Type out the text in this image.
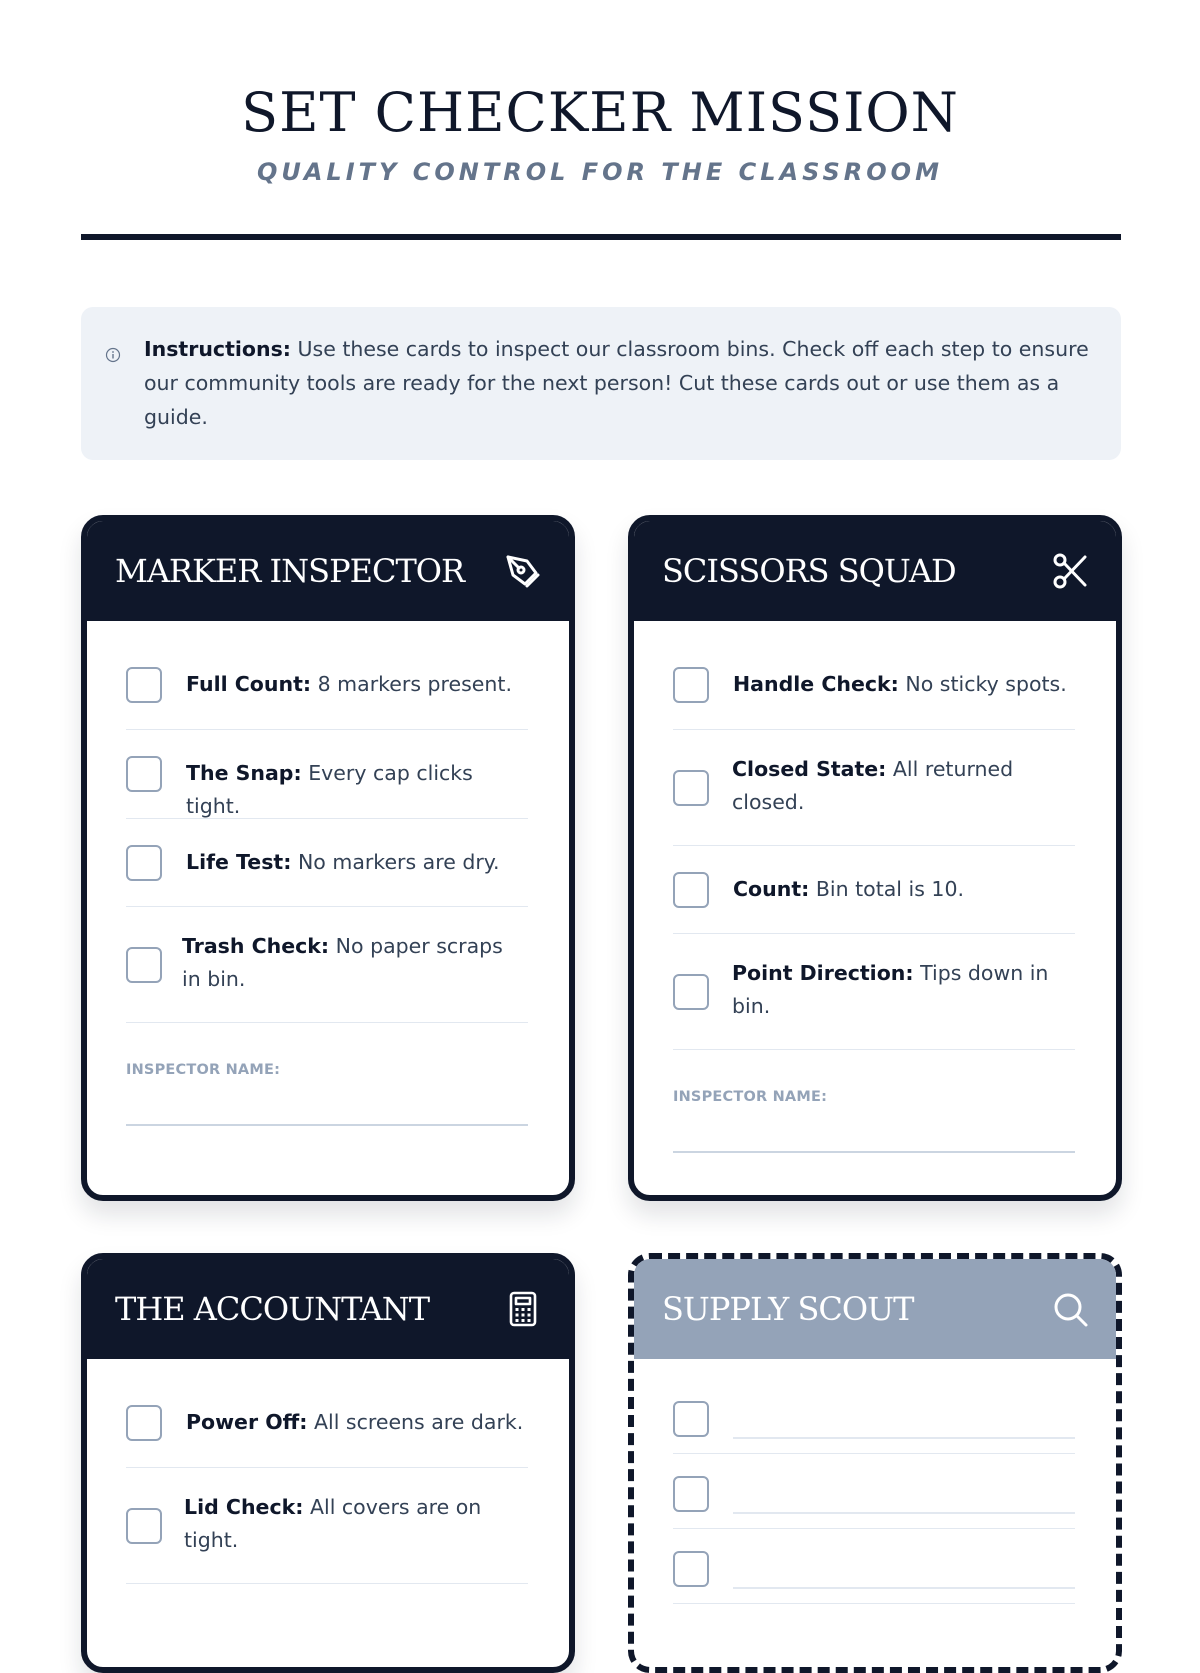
SET CHECKER MISSION
QUALITY CONTROL FOR THE CLASSROOM
Instructions: Use these cards to inspect our classroom bins. Check off each step to ensure our community tools are ready for the next person! Cut these cards out or use them as a guide.
MARKER INSPECTOR
Full Count: 8 markers present.
The Snap: Every cap clicks tight.
Life Test: No markers are dry.
Trash Check: No paper scraps in bin.
INSPECTOR NAME:
SCISSORS SQUAD
Handle Check: No sticky spots.
Closed State: All returned closed.
Count: Bin total is 10.
Point Direction: Tips down in bin.
INSPECTOR NAME:
THE ACCOUNTANT
Power Off: All screens are dark.
Lid Check: All covers are on tight.
SUPPLY SCOUT
